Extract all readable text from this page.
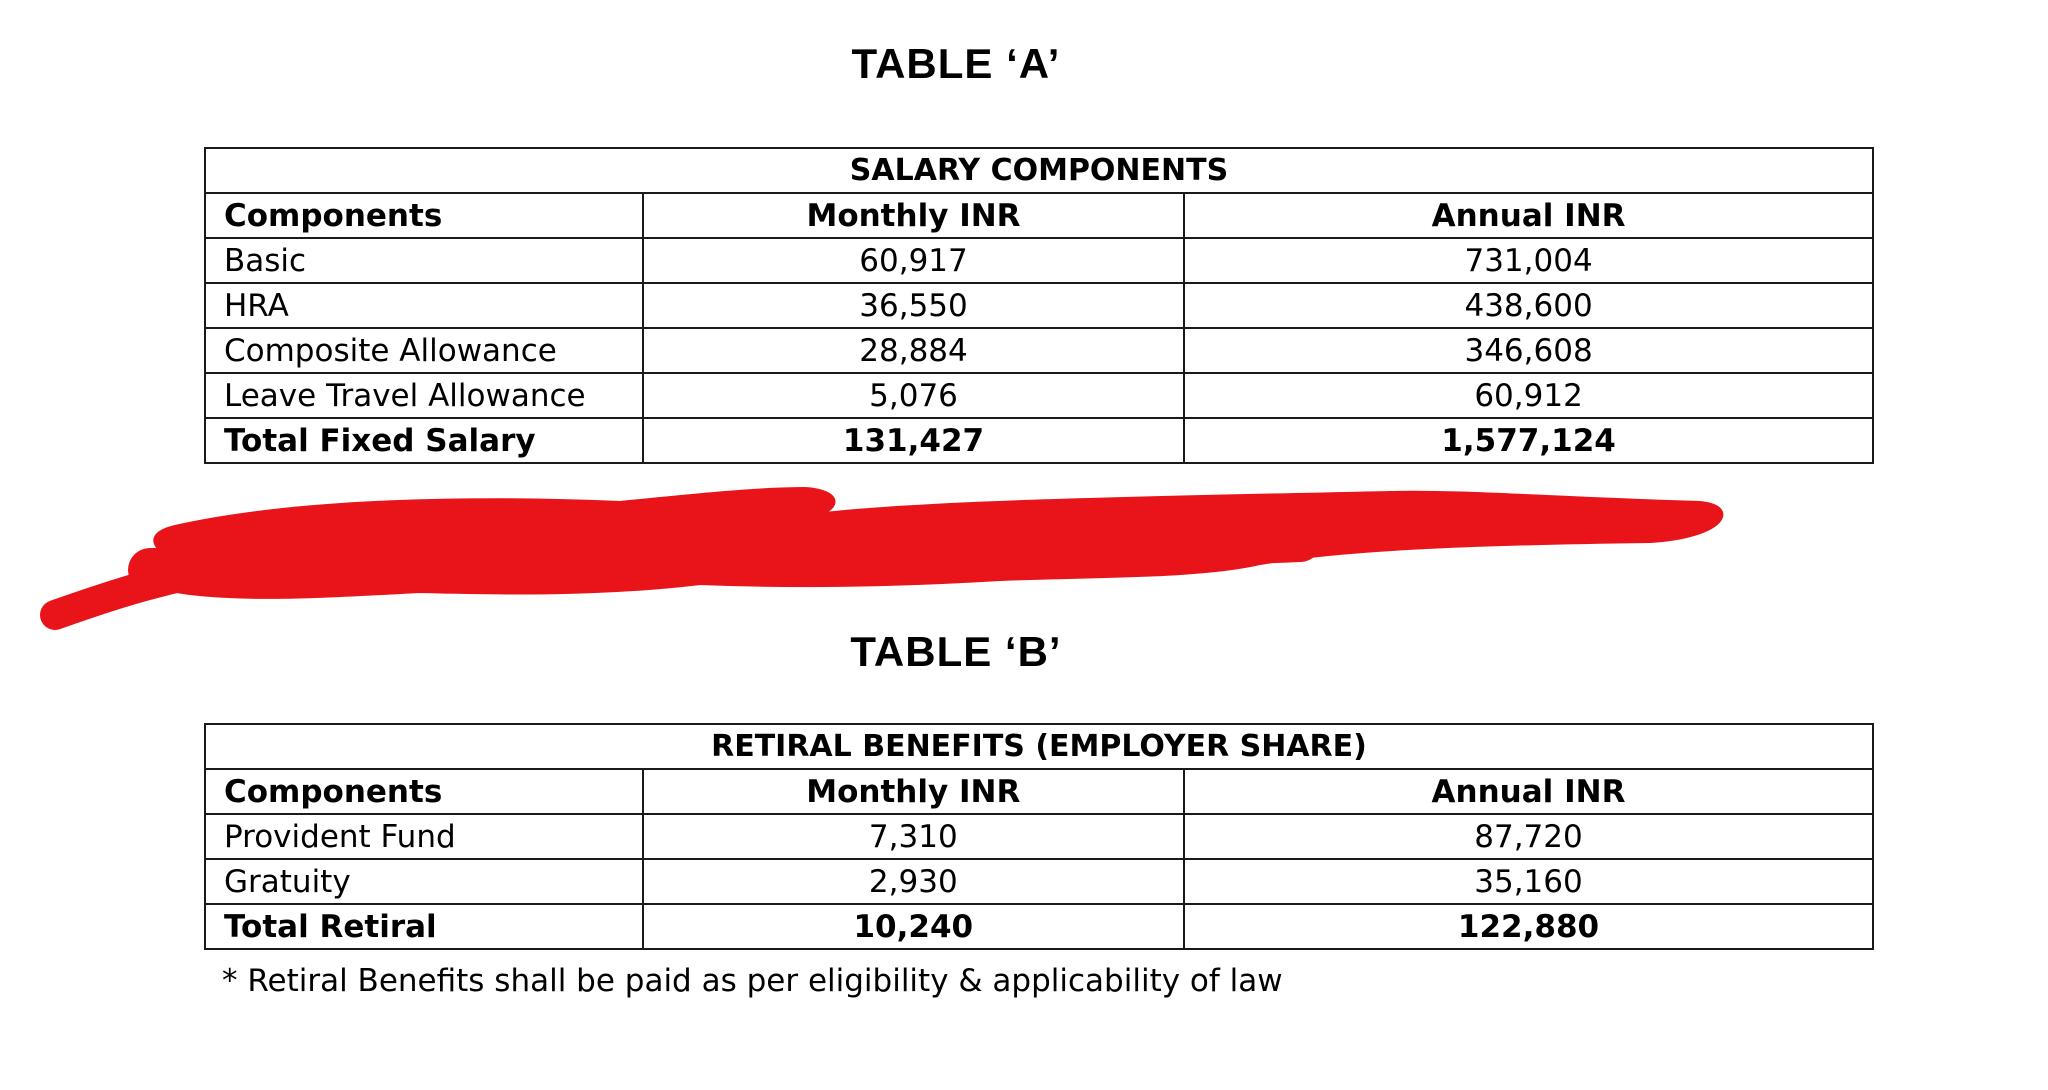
TABLE ‘A’
SALARY COMPONENTS		
Components	Monthly INR	Annual INR
Basic	60,917	731,004
HRA	36,550	438,600
Composite Allowance	28,884	346,608
Leave Travel Allowance	5,076	60,912
Total Fixed Salary	131,427	1,577,124
TABLE ‘B’
RETIRAL BENEFITS (EMPLOYER SHARE)		
Components	Monthly INR	Annual INR
Provident Fund	7,310	87,720
Gratuity	2,930	35,160
Total Retiral	10,240	122,880
* Retiral Benefits shall be paid as per eligibility & applicability of law
